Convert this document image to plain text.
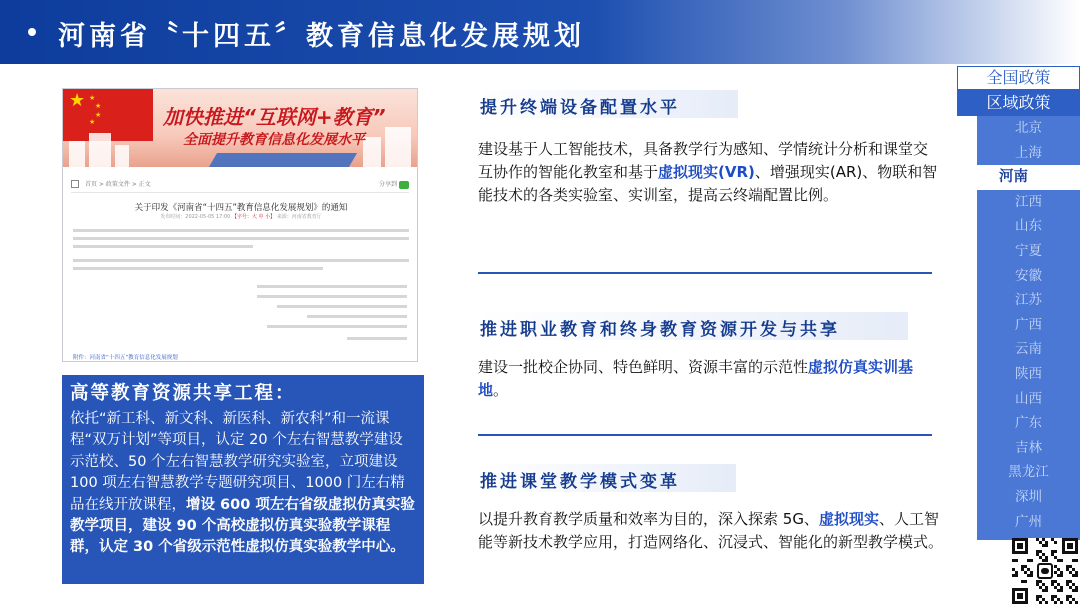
河南省〝十四五〞教育信息化发展规划
★ ★
★
★
★	加快推进“互联网+教育”
全面提升教育信息化发展水平
首页 > 政策文件 > 正文	分享到
关于印发《河南省“十四五”教育信息化发展规划》的通知
发布时间：2022-05-05 17:00 【字号：大 中 小】 来源：河南省教育厅
附件：河南省“十四五”教育信息化发展规划
高等教育资源共享工程：
依托“新工科、新文科、新医科、新农科”和一流课程“双万计划”等项目，认定 20 个左右智慧教学建设示范校、50 个左右智慧教学研究实验室，立项建设 100 项左右智慧教学专题研究项目、1000 门左右精品在线开放课程，增设 600 项左右省级虚拟仿真实验教学项目，建设 90 个高校虚拟仿真实验教学课程群，认定 30 个省级示范性虚拟仿真实验教学中心。
提升终端设备配置水平
建设基于人工智能技术，具备教学行为感知、学情统计分析和课堂交互协作的智能化教室和基于虚拟现实(VR)、增强现实(AR)、物联和智能技术的各类实验室、实训室，提高云终端配置比例。
推进职业教育和终身教育资源开发与共享
建设一批校企协同、特色鲜明、资源丰富的示范性虚拟仿真实训基地。
推进课堂教学模式变革
以提升教育教学质量和效率为目的，深入探索 5G、虚拟现实、人工智能等新技术教学应用，打造网络化、沉浸式、智能化的新型教学模式。
全国政策
区域政策
北京
上海
河南
江西
山东
宁夏
安徽
江苏
广西
云南
陕西
山西
广东
吉林
黑龙江
深圳
广州
